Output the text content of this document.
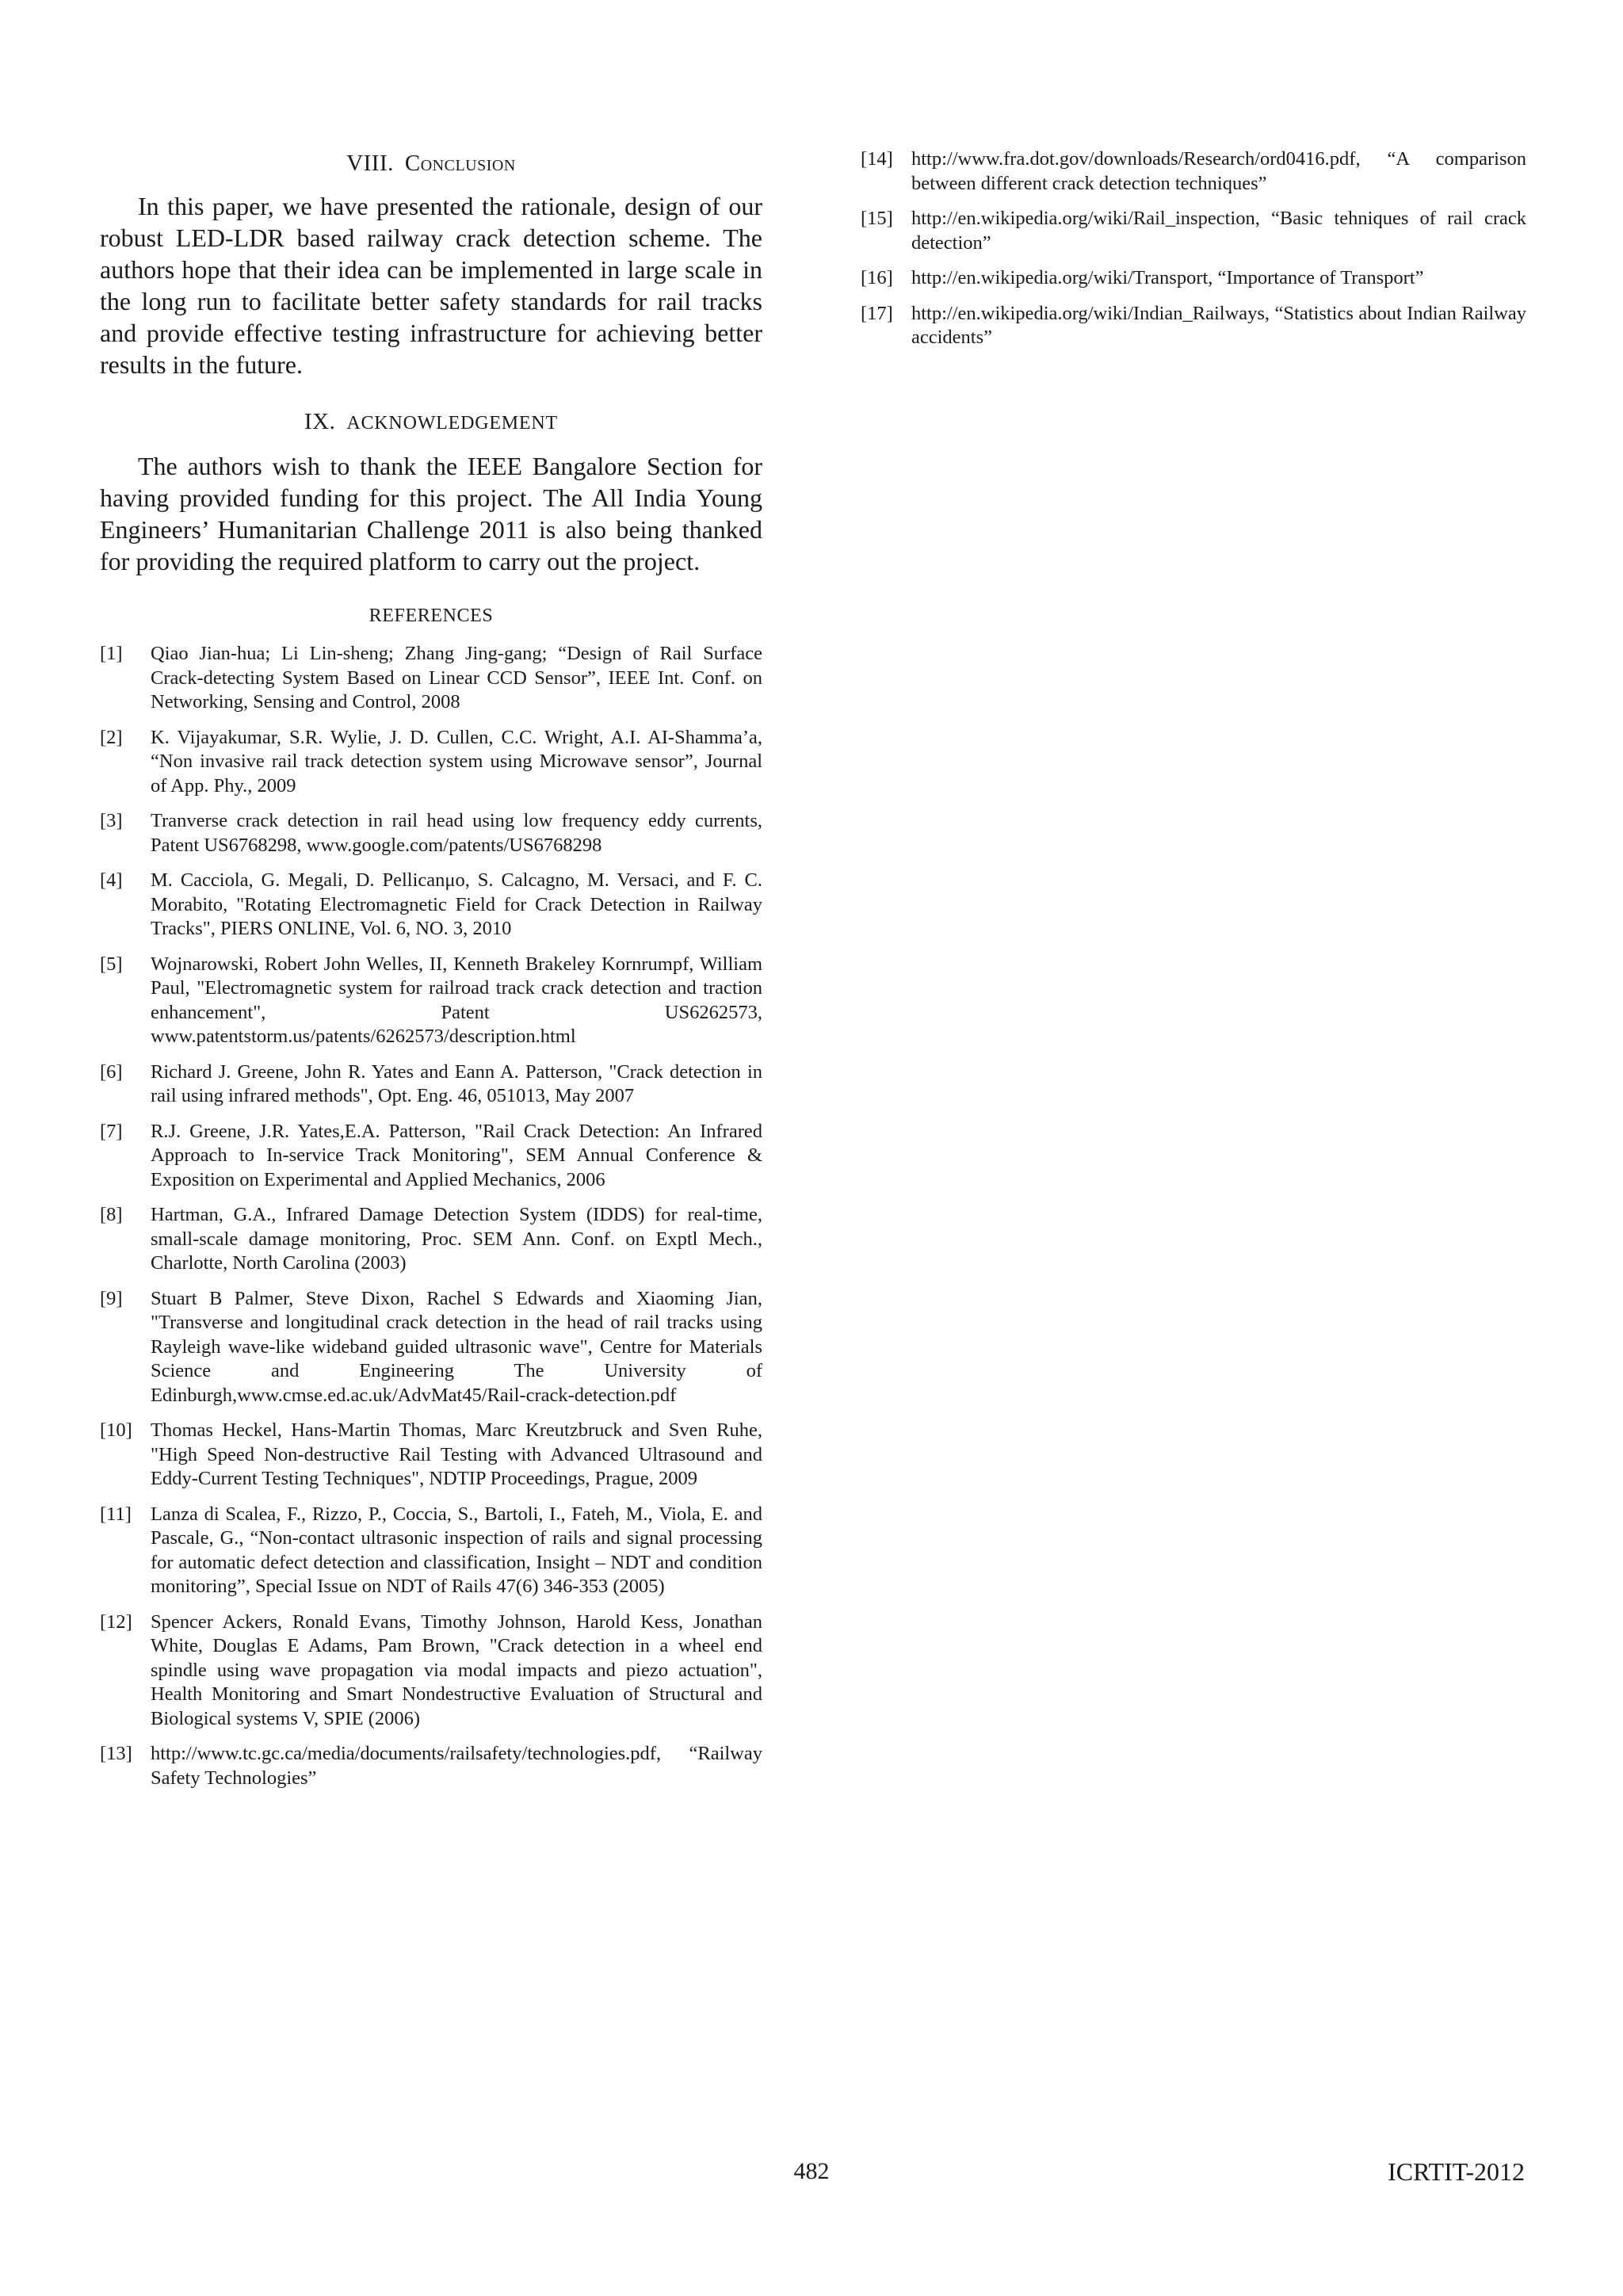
VIII. Conclusion

In this paper, we have presented the rationale, design of our robust LED-LDR based railway crack detection scheme. The authors hope that their idea can be implemented in large scale in the long run to facilitate better safety standards for rail tracks and provide effective testing infrastructure for achieving better results in the future.

IX. ACKNOWLEDGEMENT

The authors wish to thank the IEEE Bangalore Section for having provided funding for this project. The All India Young Engineers’ Humanitarian Challenge 2011 is also being thanked for providing the required platform to carry out the project.

REFERENCES
[1]	Qiao Jian-hua; Li Lin-sheng; Zhang Jing-gang; “Design of Rail Surface Crack-detecting System Based on Linear CCD Sensor”, IEEE Int. Conf. on Networking, Sensing and Control, 2008
[2]	K. Vijayakumar, S.R. Wylie, J. D. Cullen, C.C. Wright, A.I. AI-Shamma’a, “Non invasive rail track detection system using Microwave sensor”, Journal of App. Phy., 2009
[3]	Tranverse crack detection in rail head using low frequency eddy currents, Patent US6768298, www.google.com/patents/US6768298
[4]	M. Cacciola, G. Megali, D. Pellicanμo, S. Calcagno, M. Versaci, and F. C. Morabito, "Rotating Electromagnetic Field for Crack Detection in Railway Tracks", PIERS ONLINE, Vol. 6, NO. 3, 2010
[5]	Wojnarowski, Robert John Welles, II, Kenneth Brakeley Kornrumpf, William Paul, "Electromagnetic system for railroad track crack detection and traction enhancement", Patent US6262573, www.patentstorm.us/patents/6262573/description.html
[6]	Richard J. Greene, John R. Yates and Eann A. Patterson, "Crack detection in rail using infrared methods", Opt. Eng. 46, 051013, May 2007
[7]	R.J. Greene, J.R. Yates,E.A. Patterson, "Rail Crack Detection: An Infrared Approach to In-service Track Monitoring", SEM Annual Conference & Exposition on Experimental and Applied Mechanics, 2006
[8]	Hartman, G.A., Infrared Damage Detection System (IDDS) for real-time, small-scale damage monitoring, Proc. SEM Ann. Conf. on Exptl Mech., Charlotte, North Carolina (2003)
[9]	Stuart B Palmer, Steve Dixon, Rachel S Edwards and Xiaoming Jian, "Transverse and longitudinal crack detection in the head of rail tracks using Rayleigh wave-like wideband guided ultrasonic wave", Centre for Materials Science and Engineering The University of Edinburgh,www.cmse.ed.ac.uk/AdvMat45/Rail-crack-detection.pdf
[10] Thomas Heckel, Hans-Martin Thomas, Marc Kreutzbruck and Sven Ruhe, "High Speed Non-destructive Rail Testing with Advanced Ultrasound and Eddy-Current Testing Techniques", NDTIP Proceedings, Prague, 2009
[11] Lanza di Scalea, F., Rizzo, P., Coccia, S., Bartoli, I., Fateh, M., Viola, E. and Pascale, G., “Non-contact ultrasonic inspection of rails and signal processing for automatic defect detection and classification, Insight – NDT and condition monitoring”, Special Issue on NDT of Rails 47(6) 346-353 (2005)
[12] Spencer Ackers, Ronald Evans, Timothy Johnson, Harold Kess, Jonathan White, Douglas E Adams, Pam Brown, "Crack detection in a wheel end spindle using wave propagation via modal impacts and piezo actuation", Health Monitoring and Smart Nondestructive Evaluation of Structural and Biological systems V, SPIE (2006)
[13] http://www.tc.gc.ca/media/documents/railsafety/technologies.pdf, “Railway Safety Technologies”
[14] http://www.fra.dot.gov/downloads/Research/ord0416.pdf, “A comparison between different crack detection techniques”
[15] http://en.wikipedia.org/wiki/Rail_inspection, “Basic tehniques of rail crack detection”
[16] http://en.wikipedia.org/wiki/Transport, “Importance of Transport”
[17] http://en.wikipedia.org/wiki/Indian_Railways, “Statistics about Indian Railway accidents”
482	ICRTIT-2012
